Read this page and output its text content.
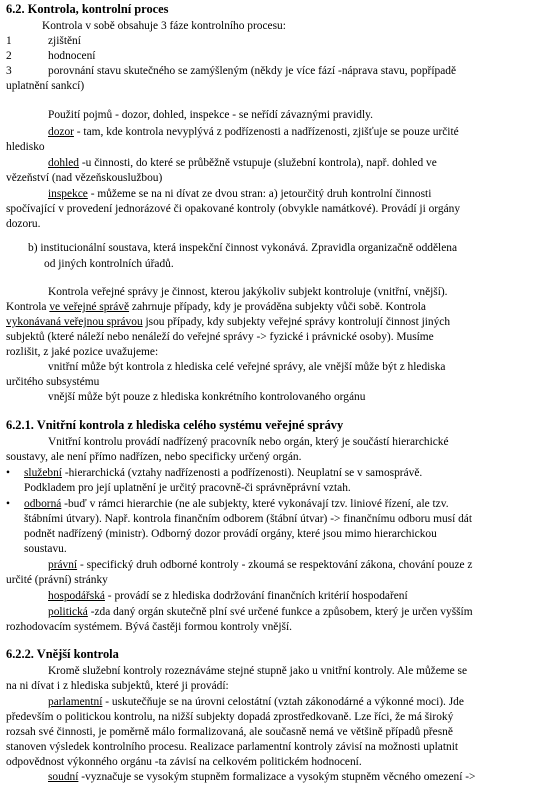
6.2. Kontrola, kontrolní proces
Kontrola v sobě obsahuje 3 fáze kontrolního procesu:
1	zjištění
2	hodnocení
3	porovnání stavu skutečného se zamýšleným (někdy je více fází -náprava stavu, popřípadě
uplatnění sankcí)
Použití pojmů - dozor, dohled, inspekce - se neřídí závaznými pravidly.
dozor - tam, kde kontrola nevyplývá z podřízenosti a nadřízenosti, zjišťuje se pouze určité
hledisko
dohled -u činnosti, do které se průběžně vstupuje (služební kontrola), např. dohled ve
vězeňství (nad vězeňskouslužbou)
inspekce - můžeme se na ni dívat ze dvou stran: a) jetourčitý druh kontrolní činnosti
spočívající v provedení jednorázové či opakované kontroly (obvykle namátkové). Provádí ji orgány
dozoru.
b) institucionální soustava, která inspekční činnost vykonává. Zpravidla organizačně oddělena
od jiných kontrolních úřadů.
Kontrola veřejné správy je činnost, kterou jakýkoliv subjekt kontroluje (vnitřní, vnější).
Kontrola ve veřejné správě zahrnuje případy, kdy je prováděna subjekty vůči sobě. Kontrola
vykonávaná veřejnou správou jsou případy, kdy subjekty veřejné správy kontrolují činnost jiných
subjektů (které náleží nebo nenáleží do veřejné správy -> fyzické i právnické osoby). Musíme
rozlišit, z jaké pozice uvažujeme:
vnitřní může být kontrola z hlediska celé veřejné správy, ale vnější může být z hlediska
určitého subsystému
vnější může být pouze z hlediska konkrétního kontrolovaného orgánu
6.2.1. Vnitřní kontrola z hlediska celého systému veřejné správy
Vnitřní kontrolu provádí nadřízený pracovník nebo orgán, který je součástí hierarchické
soustavy, ale není přímo nadřízen, nebo specificky určený orgán.
• služební -hierarchická (vztahy nadřízenosti a podřízenosti). Neuplatní se v samosprávě.
Podkladem pro její uplatnění je určitý pracovně-či správněprávní vztah.
• odborná -buď v rámci hierarchie (ne ale subjekty, které vykonávají tzv. liniové řízení, ale tzv.
štábními útvary). Např. kontrola finančním odborem (štábní útvar) -> finančnímu odboru musí dát
podnět nadřízený (ministr). Odborný dozor provádí orgány, které jsou mimo hierarchickou
soustavu.
právní - specifický druh odborné kontroly - zkoumá se respektování zákona, chování pouze z
určité (právní) stránky
hospodářská - provádí se z hlediska dodržování finančních kritérií hospodaření
politická -zda daný orgán skutečně plní své určené funkce a způsobem, který je určen vyšším
rozhodovacím systémem. Bývá častěji formou kontroly vnější.
6.2.2. Vnější kontrola
Kromě služební kontroly rozeznáváme stejné stupně jako u vnitřní kontroly. Ale můžeme se
na ni dívat i z hlediska subjektů, které ji provádí:
parlamentní - uskutečňuje se na úrovni celostátní (vztah zákonodárné a výkonné moci). Jde
především o politickou kontrolu, na nižší subjekty dopadá zprostředkovaně. Lze říci, že má široký
rozsah své činnosti, je poměrně málo formalizovaná, ale současně nemá ve většině případů přesně
stanoven výsledek kontrolního procesu. Realizace parlamentní kontroly závisí na možnosti uplatnit
odpovědnost výkonného orgánu -ta závisí na celkovém politickém hodnocení.
soudní -vyznačuje se vysokým stupněm formalizace a vysokým stupněm věcného omezení ->
